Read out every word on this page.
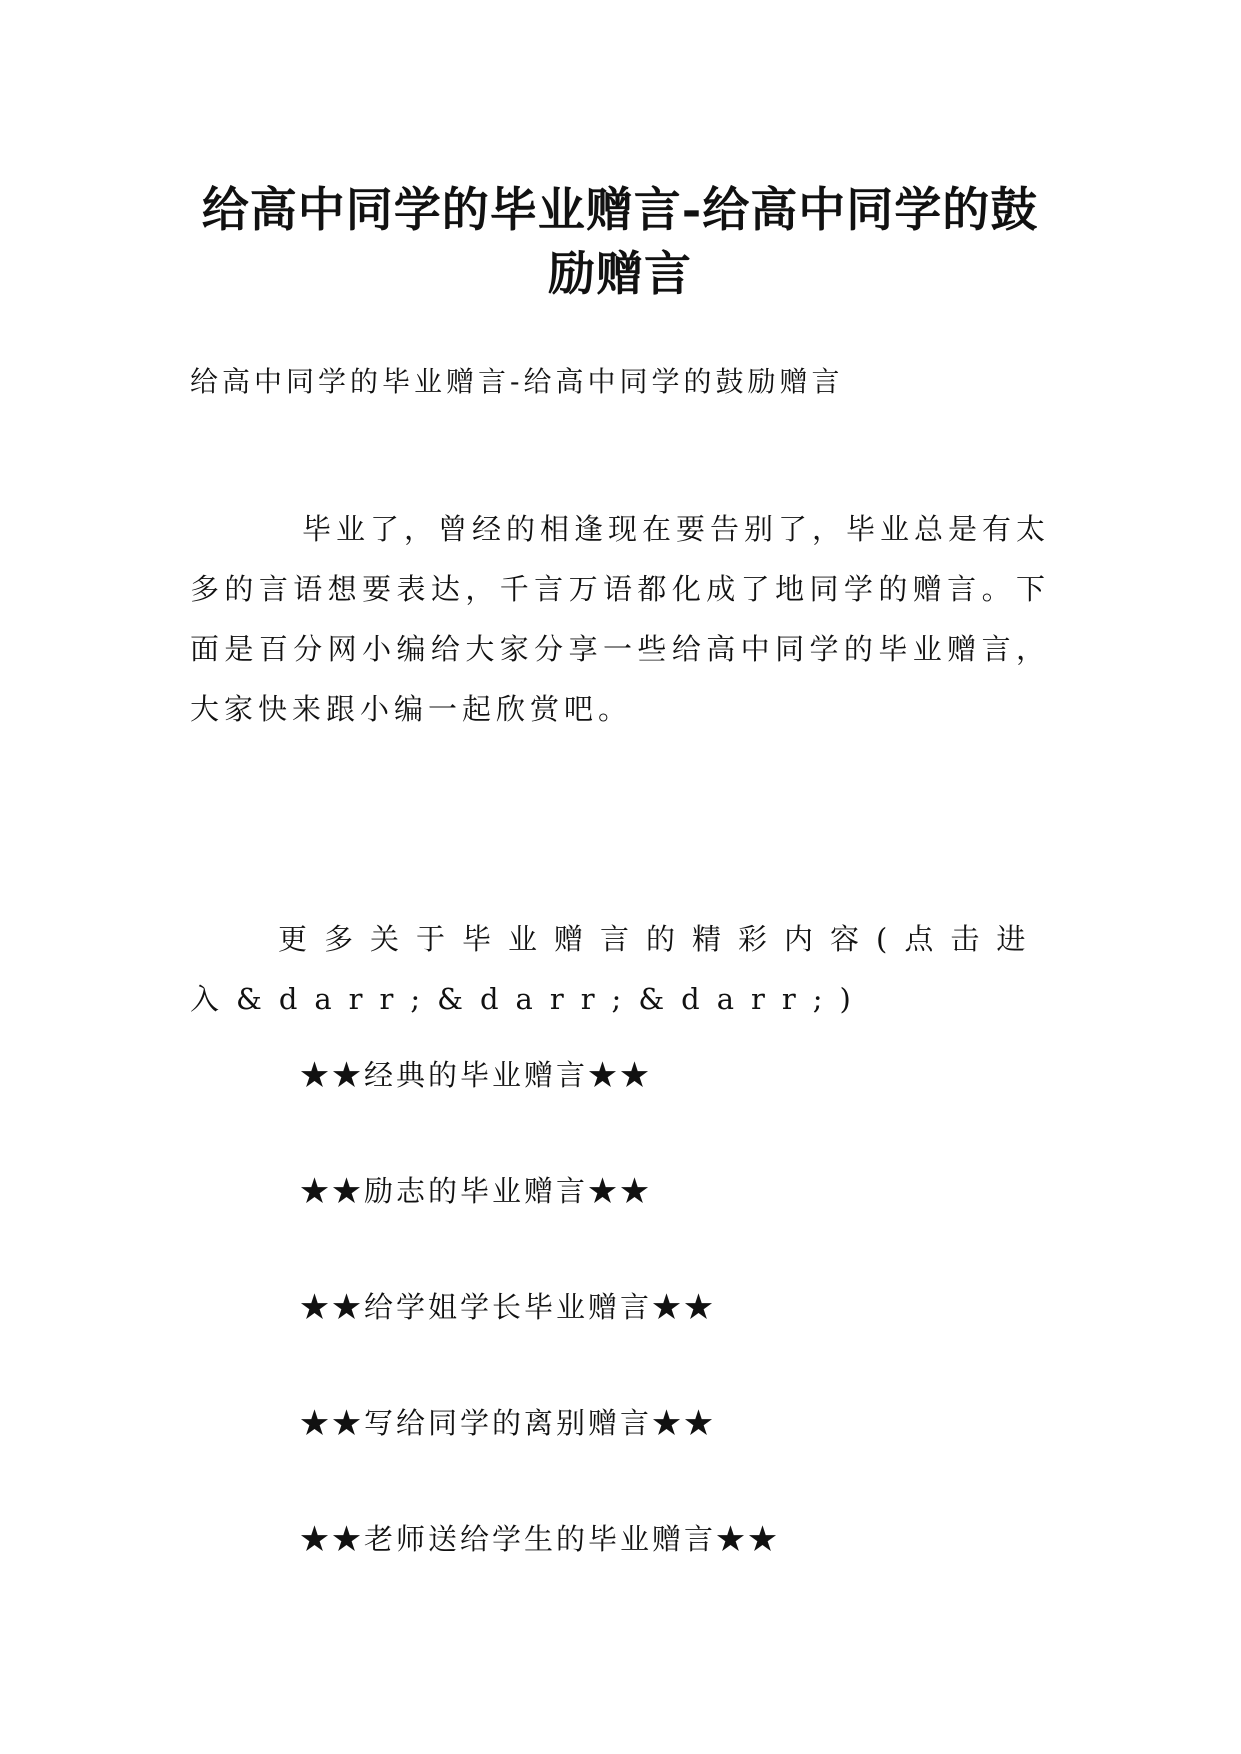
给高中同学的毕业赠言-给高中同学的鼓励赠言
给高中同学的毕业赠言-给高中同学的鼓励赠言

毕业了，曾经的相逢现在要告别了，毕业总是有太多的言语想要表达，千言万语都化成了地同学的赠言。下面是百分网小编给大家分享一些给高中同学的毕业赠言，大家快来跟小编一起欣赏吧。

更多关于毕业赠言的精彩内容(点击进入&darr;&darr;&darr;)

★★经典的毕业赠言★★
★★励志的毕业赠言★★
★★给学姐学长毕业赠言★★
★★写给同学的离别赠言★★
★★老师送给学生的毕业赠言★★
